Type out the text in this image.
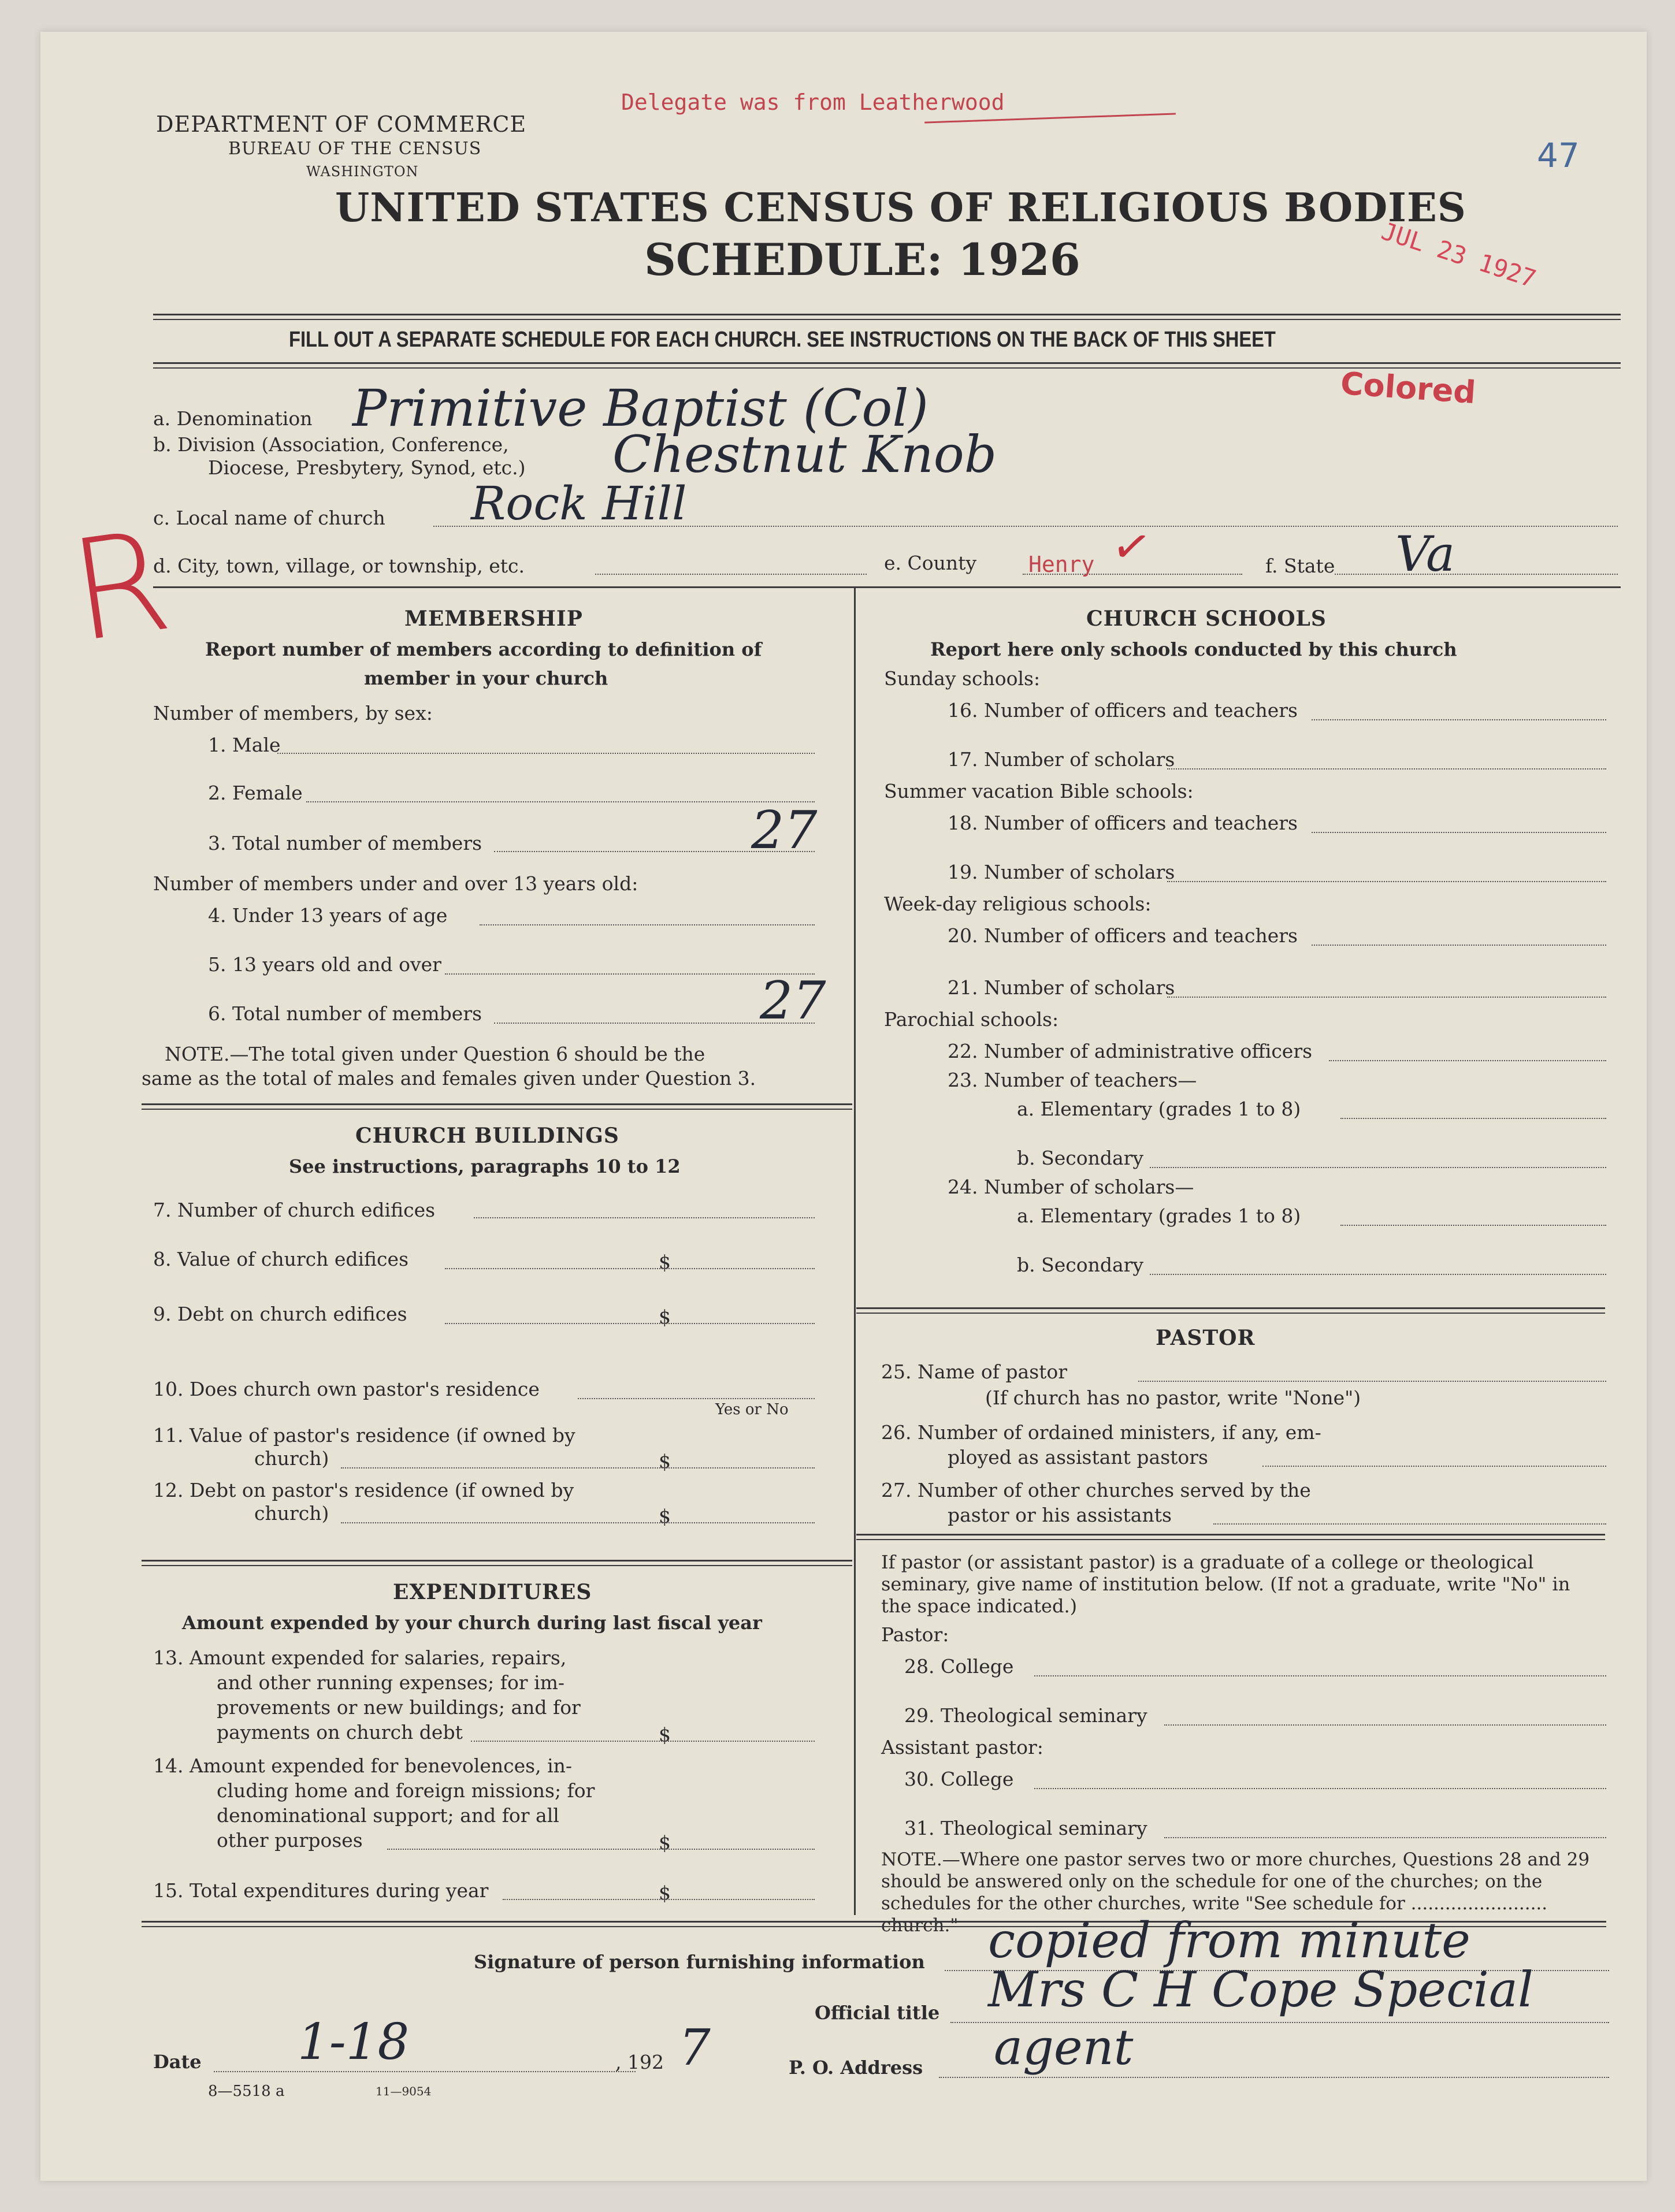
DEPARTMENT OF COMMERCE
BUREAU OF THE CENSUS
WASHINGTON
Delegate was from Leatherwood
47
UNITED STATES CENSUS OF RELIGIOUS BODIES
SCHEDULE: 1926	JUL 23 1927
FILL OUT A SEPARATE SCHEDULE FOR EACH CHURCH. SEE INSTRUCTIONS ON THE BACK OF THIS SHEET
Colored
R
a. Denomination Primitive Baptist (Col)
b. Division (Association, Conference,
Diocese, Presbytery, Synod, etc.) Chestnut Knob
c. Local name of church Rock Hill
d. City, town, village, or township, etc.	e. County Henry ✓	f. State Va
MEMBERSHIP
Report number of members according to definition of
member in your church
Number of members, by sex:
1. Male
2. Female
3. Total number of members	27
Number of members under and over 13 years old:
4. Under 13 years of age
5. 13 years old and over
6. Total number of members	27
NOTE.—The total given under Question 6 should be the
same as the total of males and females given under Question 3.
CHURCH BUILDINGS
See instructions, paragraphs 10 to 12
7. Number of church edifices
8. Value of church edifices	$
9. Debt on church edifices	$
10. Does church own pastor's residence
Yes or No
11. Value of pastor's residence (if owned by
church)	$
12. Debt on pastor's residence (if owned by
church)	$
EXPENDITURES
Amount expended by your church during last fiscal year
13. Amount expended for salaries, repairs,
and other running expenses; for im-
provements or new buildings; and for
payments on church debt	$
14. Amount expended for benevolences, in-
cluding home and foreign missions; for
denominational support; and for all
other purposes	$
15. Total expenditures during year	$
CHURCH SCHOOLS
Report here only schools conducted by this church
Sunday schools:
16. Number of officers and teachers
17. Number of scholars
Summer vacation Bible schools:
18. Number of officers and teachers
19. Number of scholars
Week-day religious schools:
20. Number of officers and teachers
21. Number of scholars
Parochial schools:
22. Number of administrative officers
23. Number of teachers—
a. Elementary (grades 1 to 8)
b. Secondary
24. Number of scholars—
a. Elementary (grades 1 to 8)
b. Secondary
PASTOR
25. Name of pastor
(If church has no pastor, write "None")
26. Number of ordained ministers, if any, em-
ployed as assistant pastors
27. Number of other churches served by the
pastor or his assistants
If pastor (or assistant pastor) is a graduate of a college or theological seminary, give name of institution below. (If not a graduate, write "No" in the space indicated.)
Pastor:
28. College
29. Theological seminary
Assistant pastor:
30. College
31. Theological seminary
NOTE.—Where one pastor serves two or more churches, Questions 28 and 29 should be answered only on the schedule for one of the churches; on the schedules for the other churches, write "See schedule for ........................ church."
Signature of person furnishing information copied from minute
Official title Mrs C H Cope Special
P. O. Address agent
Date 1-18	, 192 7
8—5518 a	11—9054
